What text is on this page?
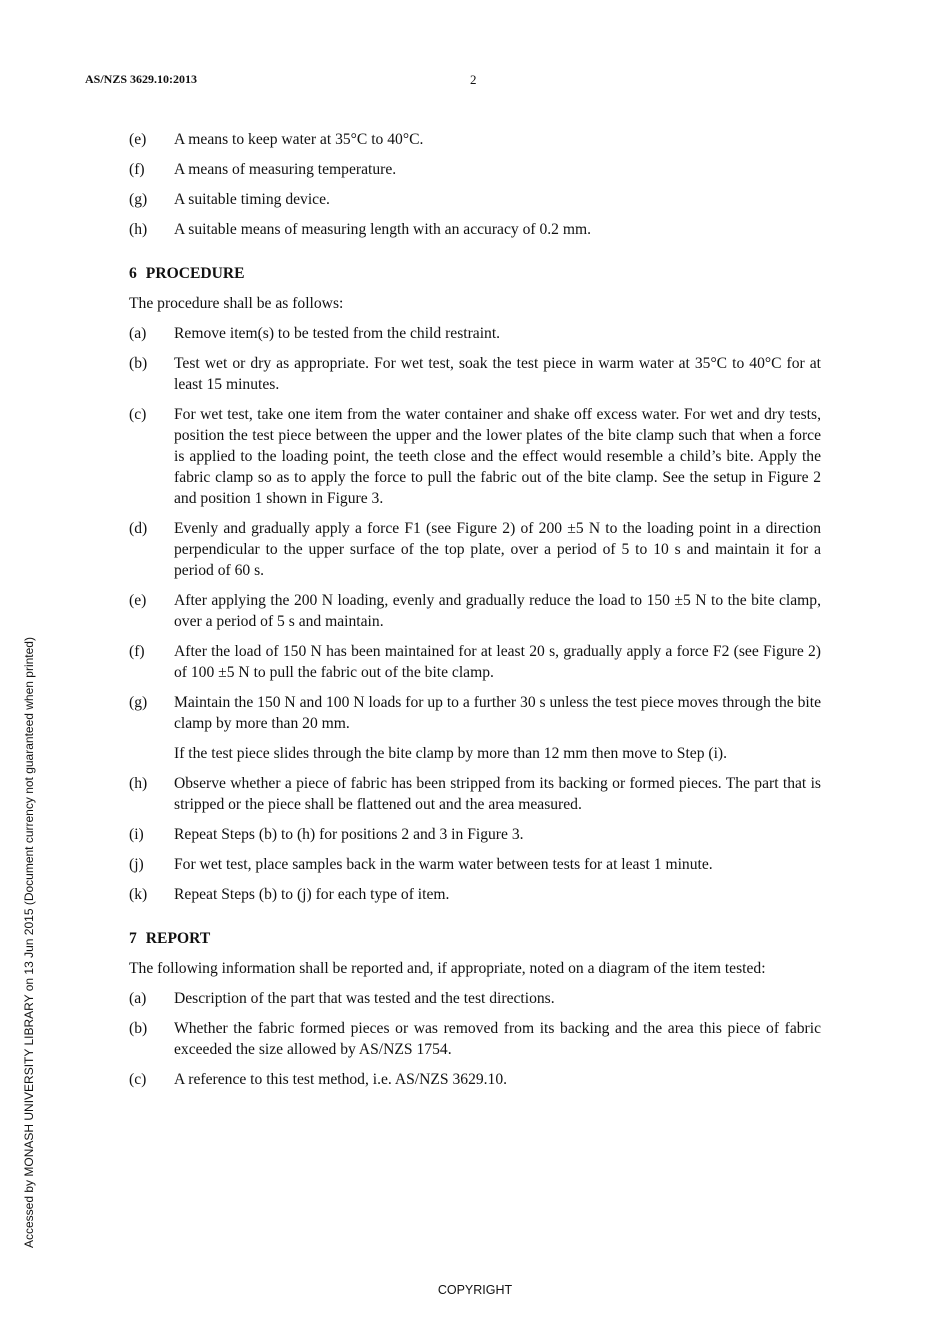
AS/NZS 3629.10:2013	2
Accessed by MONASH UNIVERSITY LIBRARY on 13 Jun 2015 (Document currency not guaranteed when printed)
(e)	A means to keep water at 35°C to 40°C.

(f)	A means of measuring temperature.

(g)	A suitable timing device.

(h)	A suitable means of measuring length with an accuracy of 0.2 mm.

6 PROCEDURE

The procedure shall be as follows:

(a)	Remove item(s) to be tested from the child restraint.

(b)	Test wet or dry as appropriate. For wet test, soak the test piece in warm water at 35°C to 40°C for at least 15 minutes.

(c)	For wet test, take one item from the water container and shake off excess water. For wet and dry tests, position the test piece between the upper and the lower plates of the bite clamp such that when a force is applied to the loading point, the teeth close and the effect would resemble a child’s bite. Apply the fabric clamp so as to apply the force to pull the fabric out of the bite clamp. See the setup in Figure 2 and position 1 shown in Figure 3.

(d)	Evenly and gradually apply a force F1 (see Figure 2) of 200 ±5 N to the loading point in a direction perpendicular to the upper surface of the top plate, over a period of 5 to 10 s and maintain it for a period of 60 s.

(e)	After applying the 200 N loading, evenly and gradually reduce the load to 150 ±5 N to the bite clamp, over a period of 5 s and maintain.

(f)	After the load of 150 N has been maintained for at least 20 s, gradually apply a force F2 (see Figure 2) of 100 ±5 N to pull the fabric out of the bite clamp.

(g)	Maintain the 150 N and 100 N loads for up to a further 30 s unless the test piece moves through the bite clamp by more than 20 mm.

If the test piece slides through the bite clamp by more than 12 mm then move to Step (i).

(h)	Observe whether a piece of fabric has been stripped from its backing or formed pieces. The part that is stripped or the piece shall be flattened out and the area measured.

(i)	Repeat Steps (b) to (h) for positions 2 and 3 in Figure 3.

(j)	For wet test, place samples back in the warm water between tests for at least 1 minute.

(k)	Repeat Steps (b) to (j) for each type of item.

7 REPORT

The following information shall be reported and, if appropriate, noted on a diagram of the item tested:

(a)	Description of the part that was tested and the test directions.

(b)	Whether the fabric formed pieces or was removed from its backing and the area this piece of fabric exceeded the size allowed by AS/NZS 1754.

(c)	A reference to this test method, i.e. AS/NZS 3629.10.

COPYRIGHT
